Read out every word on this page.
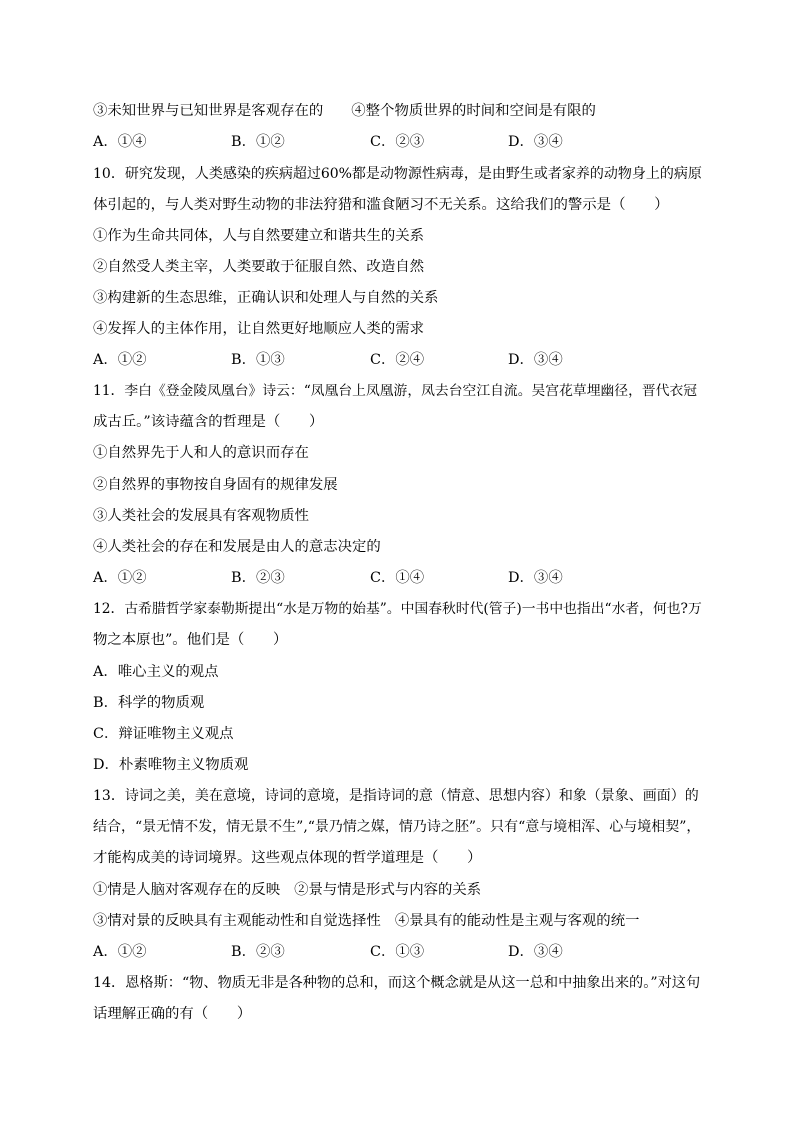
③未知世界与已知世界是客观存在的 ④整个物质世界的时间和空间是有限的
A．①④	B．①②	C．②③	D．③④
10．研究发现，人类感染的疾病超过60%都是动物源性病毒，是由野生或者家养的动物身上的病原
体引起的，与人类对野生动物的非法狩猎和滥食陋习不无关系。这给我们的警示是（　　）
①作为生命共同体，人与自然要建立和谐共生的关系
②自然受人类主宰，人类要敢于征服自然、改造自然
③构建新的生态思维，正确认识和处理人与自然的关系
④发挥人的主体作用，让自然更好地顺应人类的需求
A．①②	B．①③	C．②④	D．③④
11．李白《登金陵凤凰台》诗云：“凤凰台上凤凰游，凤去台空江自流。吴宫花草埋幽径，晋代衣冠
成古丘。”该诗蕴含的哲理是（　　）
①自然界先于人和人的意识而存在
②自然界的事物按自身固有的规律发展
③人类社会的发展具有客观物质性
④人类社会的存在和发展是由人的意志决定的
A．①②	B．②③	C．①④	D．③④
12．古希腊哲学家泰勒斯提出“水是万物的始基”。中国春秋时代(管子)一书中也指出“水者，何也?万
物之本原也”。他们是（　　）
A．唯心主义的观点
B．科学的物质观
C．辩证唯物主义观点
D．朴素唯物主义物质观
13．诗词之美，美在意境，诗词的意境，是指诗词的意（情意、思想内容）和象（景象、画面）的
结合，“景无情不发，情无景不生”,“景乃情之媒，情乃诗之胚”。只有“意与境相浑、心与境相契”，
才能构成美的诗词境界。这些观点体现的哲学道理是（　　）
①情是人脑对客观存在的反映 ②景与情是形式与内容的关系
③情对景的反映具有主观能动性和自觉选择性 ④景具有的能动性是主观与客观的统一
A．①②	B．②③	C．①③	D．③④
14．恩格斯：“物、物质无非是各种物的总和，而这个概念就是从这一总和中抽象出来的。”对这句
话理解正确的有（　　）
